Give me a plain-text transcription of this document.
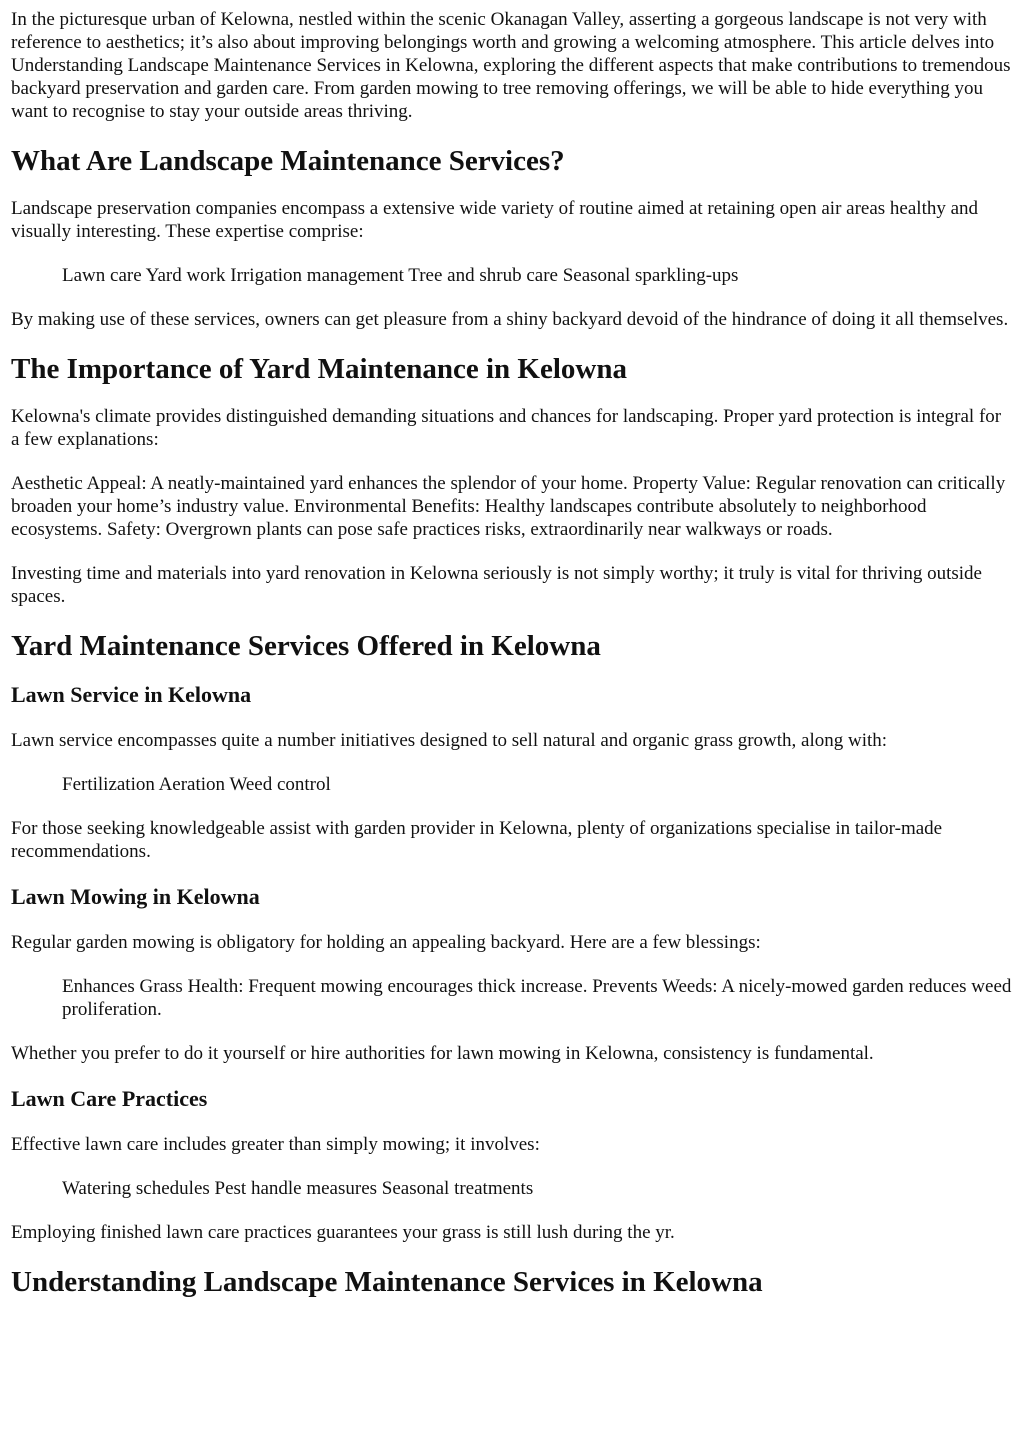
In the picturesque urban of Kelowna, nestled within the scenic Okanagan Valley, asserting a gorgeous landscape is not very with reference to aesthetics; it’s also about improving belongings worth and growing a welcoming atmosphere. This article delves into Understanding Landscape Maintenance Services in Kelowna, exploring the different aspects that make contributions to tremendous backyard preservation and garden care. From garden mowing to tree removing offerings, we will be able to hide everything you want to recognise to stay your outside areas thriving.

What Are Landscape Maintenance Services?

Landscape preservation companies encompass a extensive wide variety of routine aimed at retaining open air areas healthy and visually interesting. These expertise comprise:

Lawn care Yard work Irrigation management Tree and shrub care Seasonal sparkling-ups

By making use of these services, owners can get pleasure from a shiny backyard devoid of the hindrance of doing it all themselves.

The Importance of Yard Maintenance in Kelowna

Kelowna's climate provides distinguished demanding situations and chances for landscaping. Proper yard protection is integral for a few explanations:

Aesthetic Appeal: A neatly-maintained yard enhances the splendor of your home. Property Value: Regular renovation can critically broaden your home’s industry value. Environmental Benefits: Healthy landscapes contribute absolutely to neighborhood ecosystems. Safety: Overgrown plants can pose safe practices risks, extraordinarily near walkways or roads.

Investing time and materials into yard renovation in Kelowna seriously is not simply worthy; it truly is vital for thriving outside spaces.

Yard Maintenance Services Offered in Kelowna
Lawn Service in Kelowna

Lawn service encompasses quite a number initiatives designed to sell natural and organic grass growth, along with:

Fertilization Aeration Weed control

For those seeking knowledgeable assist with garden provider in Kelowna, plenty of organizations specialise in tailor-made recommendations.

Lawn Mowing in Kelowna

Regular garden mowing is obligatory for holding an appealing backyard. Here are a few blessings:

Enhances Grass Health: Frequent mowing encourages thick increase. Prevents Weeds: A nicely-mowed garden reduces weed proliferation.

Whether you prefer to do it yourself or hire authorities for lawn mowing in Kelowna, consistency is fundamental.

Lawn Care Practices

Effective lawn care includes greater than simply mowing; it involves:

Watering schedules Pest handle measures Seasonal treatments

Employing finished lawn care practices guarantees your grass is still lush during the yr.

Understanding Landscape Maintenance Services in Kelowna
